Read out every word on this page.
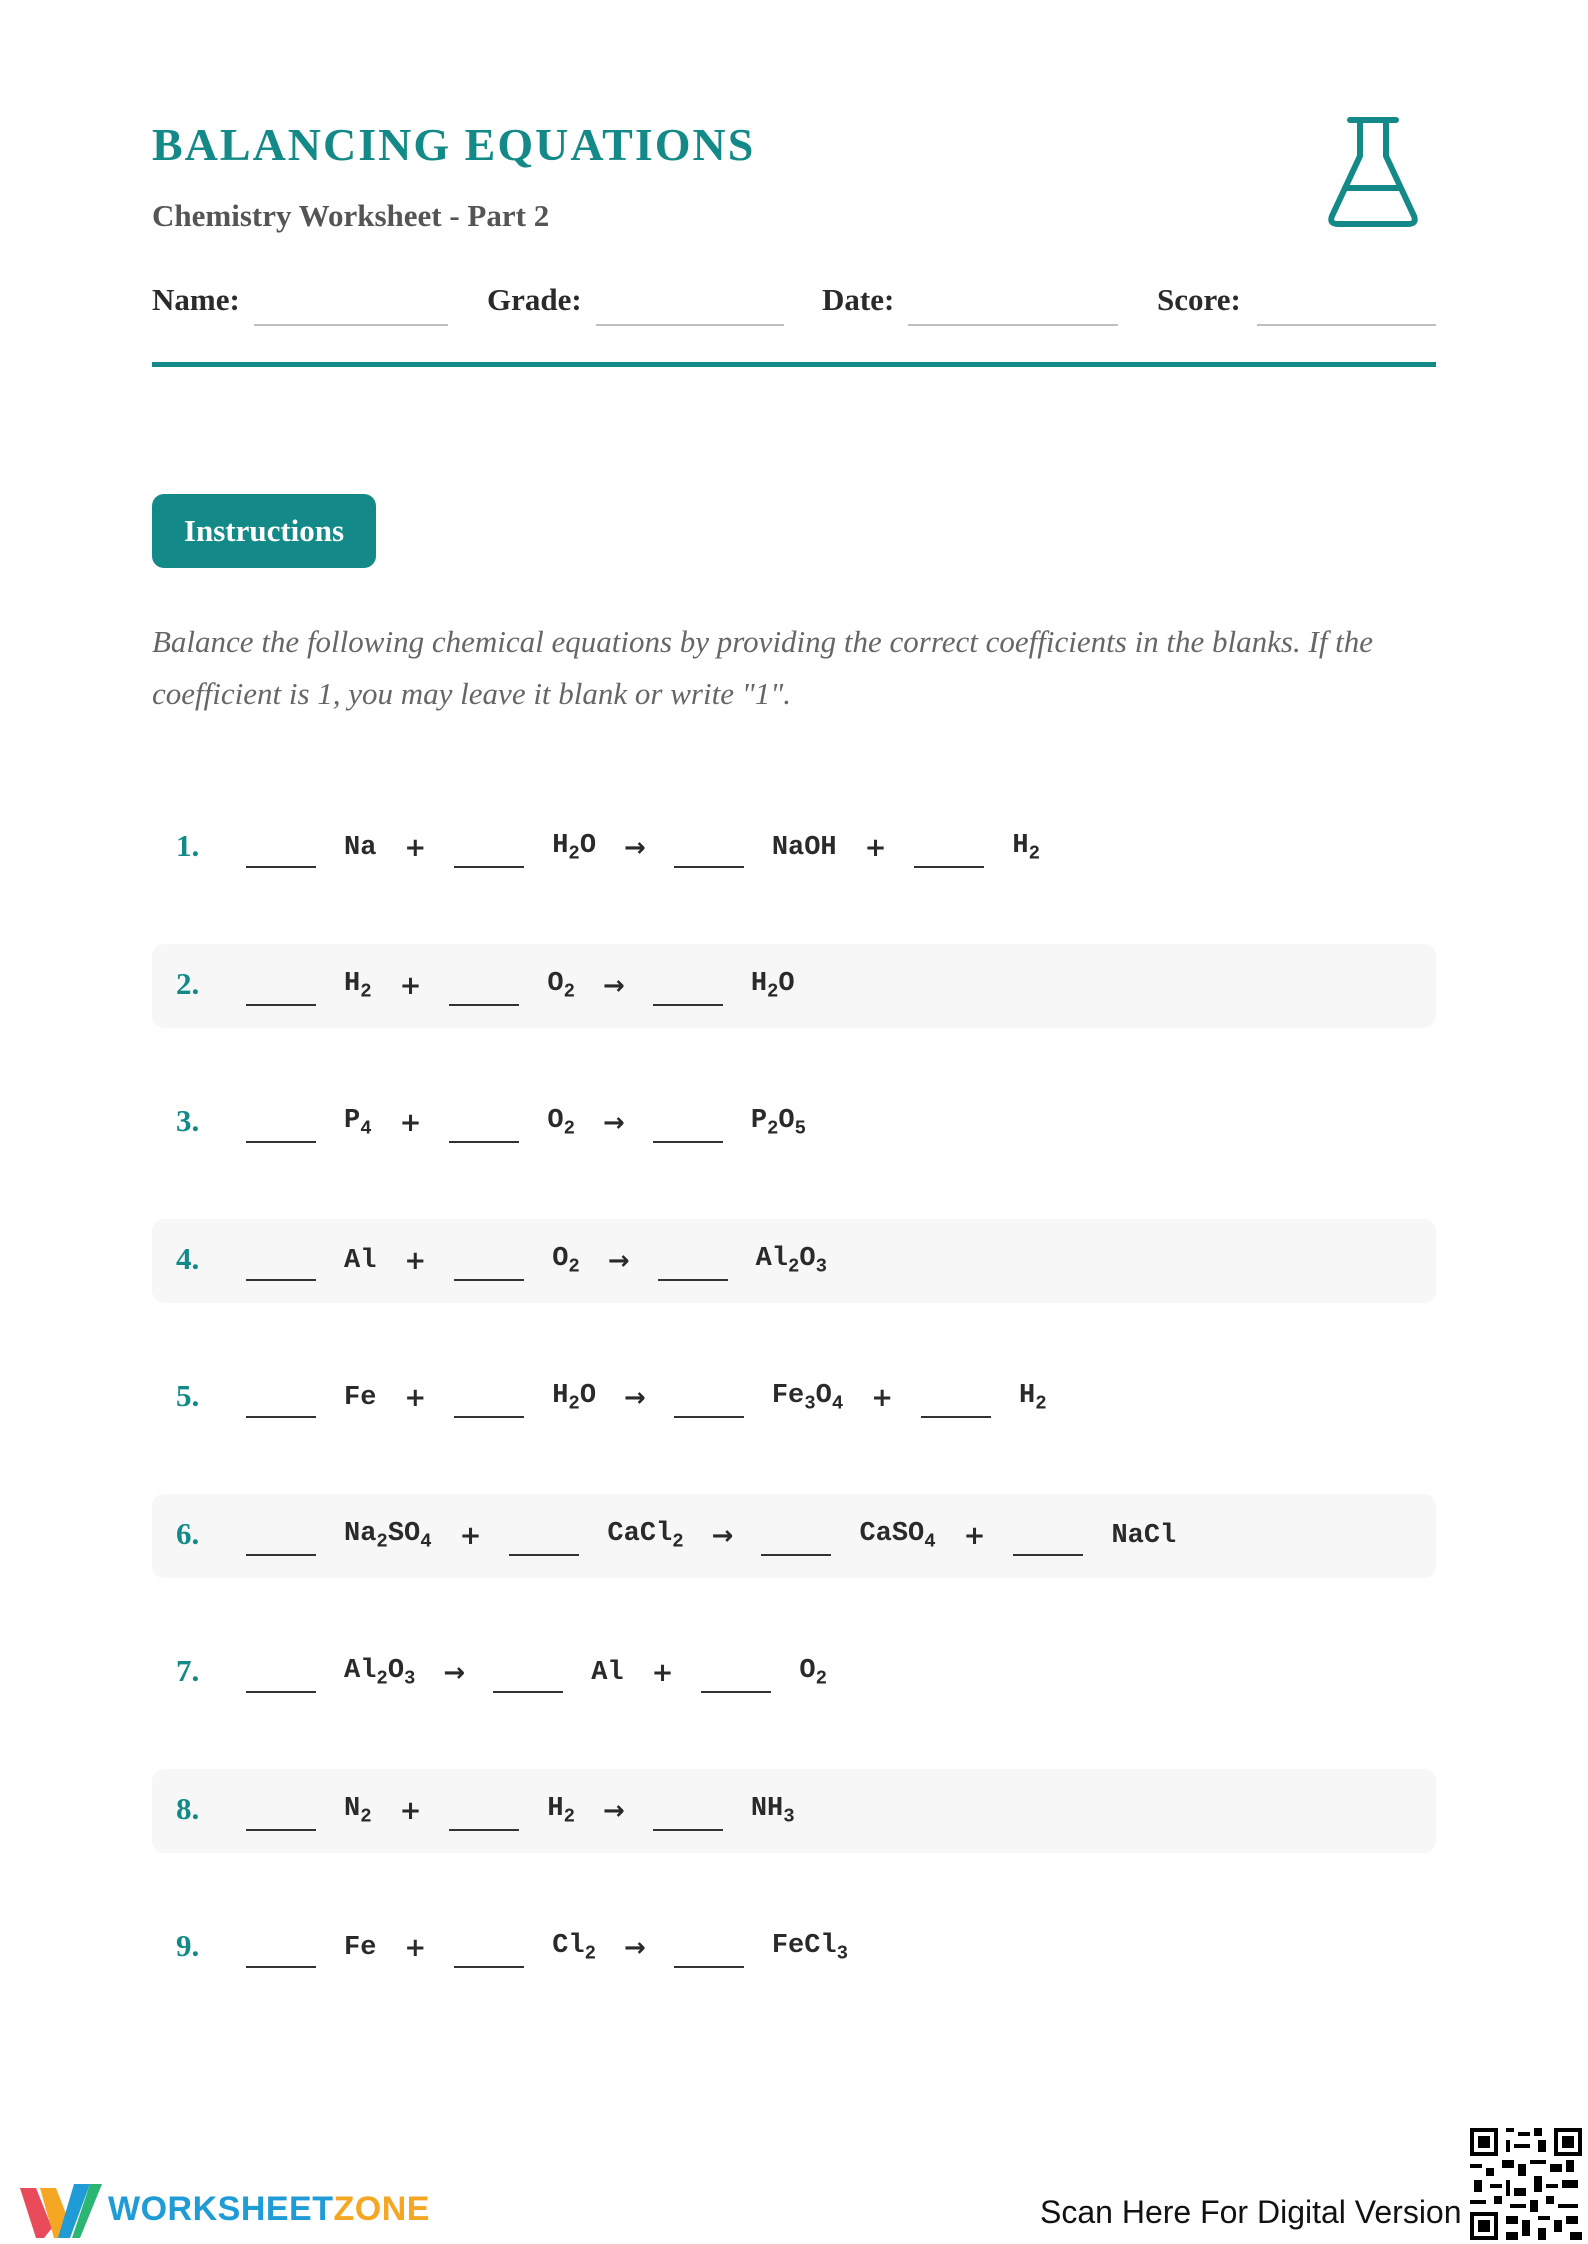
BALANCING EQUATIONS
Chemistry Worksheet - Part 2
Name:	Grade:	Date:	Score:
Instructions

Balance the following chemical equations by providing the correct coefficients in the blanks. If the coefficient is 1, you may leave it blank or write "1".

1.	Na +	$H_2O$ →	NaOH +	$H_2$
2.	$H_2$ +	$O_2$ →	$H_2O$
3.	$P_4$ +	$O_2$ →	$P_2O_5$
4.	Al +	$O_2$ →	$Al_2O_3$
5.	Fe +	$H_2O$ →	$Fe_3O_4$ +	$H_2$
6.	$Na_2SO_4$ +	CaCl$_2$ →	CaSO$_4$ +	NaCl
7.	$Al_2O_3$ →	Al +	$O_2$
8.	$N_2$ +	$H_2$ →	$NH_3$
9.	Fe +	$Cl_2$ →	FeCl$_3$
WORKSHEETZONE	Scan Here For Digital Version
